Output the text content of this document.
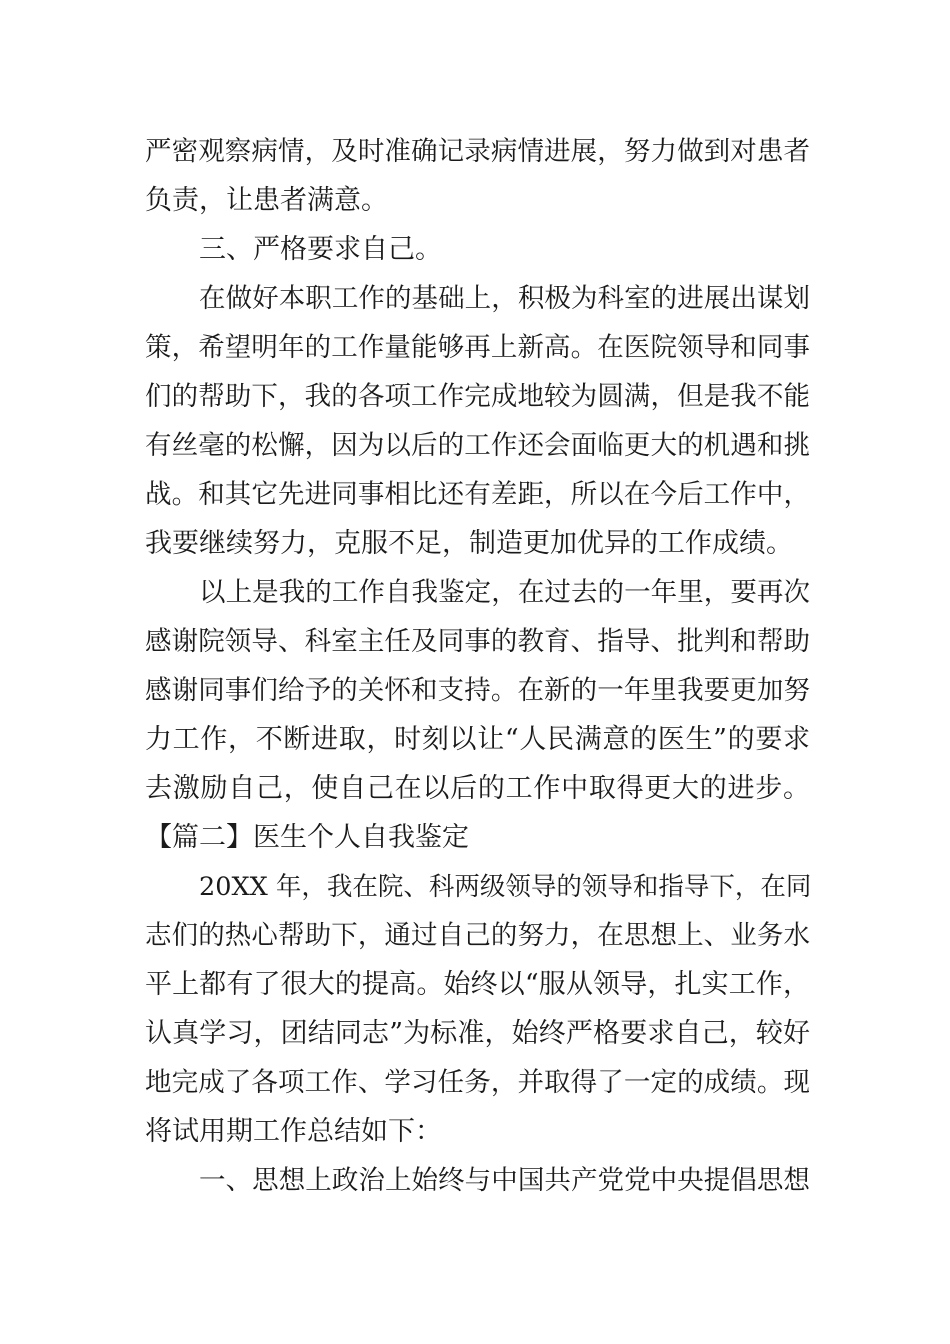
严密观察病情，及时准确记录病情进展，努力做到对患者
负责，让患者满意。
三、严格要求自己。
在做好本职工作的基础上，积极为科室的进展出谋划
策，希望明年的工作量能够再上新高。在医院领导和同事
们的帮助下，我的各项工作完成地较为圆满，但是我不能
有丝毫的松懈，因为以后的工作还会面临更大的机遇和挑
战。和其它先进同事相比还有差距，所以在今后工作中，
我要继续努力，克服不足，制造更加优异的工作成绩。
以上是我的工作自我鉴定，在过去的一年里，要再次
感谢院领导、科室主任及同事的教育、指导、批判和帮助
感谢同事们给予的关怀和支持。在新的一年里我要更加努
力工作，不断进取，时刻以让“人民满意的医生”的要求
去激励自己，使自己在以后的工作中取得更大的进步。
【篇二】医生个人自我鉴定
20XX 年，我在院、科两级领导的领导和指导下，在同
志们的热心帮助下，通过自己的努力，在思想上、业务水
平上都有了很大的提高。始终以“服从领导，扎实工作，
认真学习，团结同志”为标准，始终严格要求自己，较好
地完成了各项工作、学习任务，并取得了一定的成绩。现
将试用期工作总结如下：
一、思想上政治上始终与中国共产党党中央提倡思想
